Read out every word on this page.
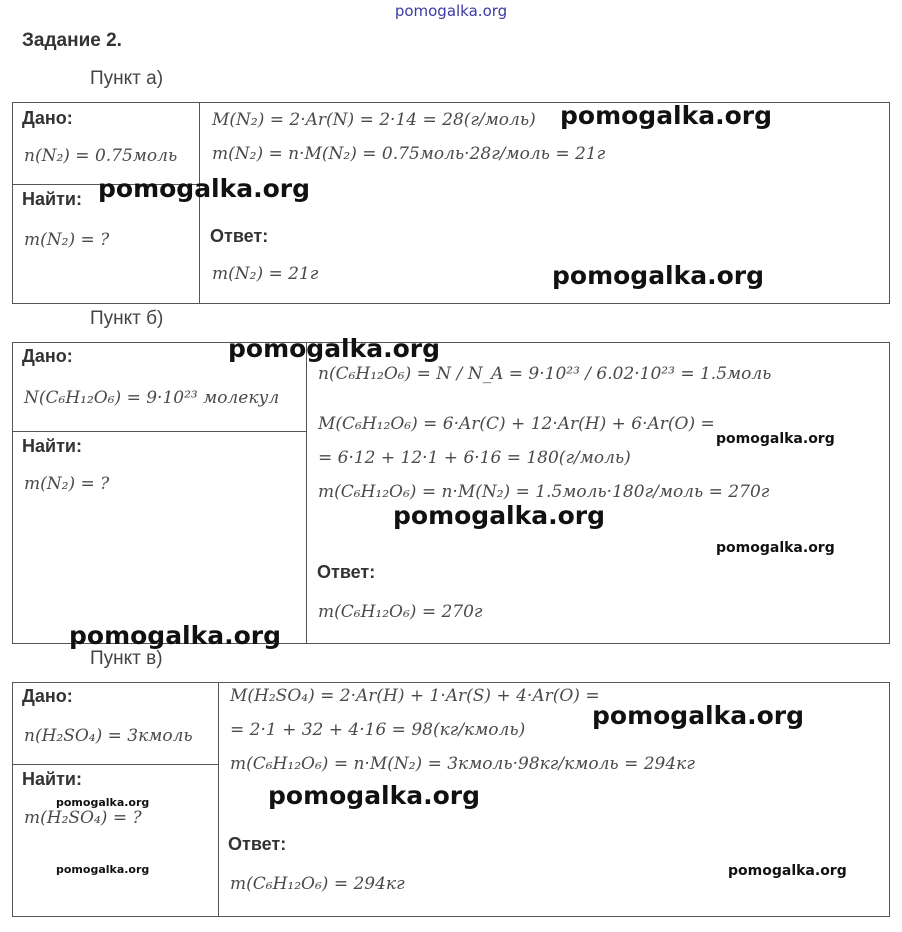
pomogalka.org
Задание 2.
Пункт а)
Дано:
n(N₂) = 0.75моль
Найти:
m(N₂) = ?
M(N₂) = 2·Ar(N) = 2·14 = 28(г/моль)
m(N₂) = n·M(N₂) = 0.75моль·28г/моль = 21г
Ответ:
m(N₂) = 21г
Пункт б)
Дано:
N(C₆H₁₂O₆) = 9·10²³ молекул
Найти:
m(N₂) = ?
n(C₆H₁₂O₆) = N / N_A = 9·10²³ / 6.02·10²³ = 1.5моль
M(C₆H₁₂O₆) = 6·Ar(C) + 12·Ar(H) + 6·Ar(O) =
= 6·12 + 12·1 + 6·16 = 180(г/моль)
m(C₆H₁₂O₆) = n·M(N₂) = 1.5моль·180г/моль = 270г
Ответ:
m(C₆H₁₂O₆) = 270г
Пункт в)
Дано:
n(H₂SO₄) = 3кмоль
Найти:
m(H₂SO₄) = ?
M(H₂SO₄) = 2·Ar(H) + 1·Ar(S) + 4·Ar(O) =
= 2·1 + 32 + 4·16 = 98(кг/кмоль)
m(C₆H₁₂O₆) = n·M(N₂) = 3кмоль·98кг/кмоль = 294кг
Ответ:
m(C₆H₁₂O₆) = 294кг
pomogalka.org
pomogalka.org
pomogalka.org
pomogalka.org
pomogalka.org
pomogalka.org
pomogalka.org
pomogalka.org
pomogalka.org
pomogalka.org
pomogalka.org
pomogalka.org	pomogalka.org
